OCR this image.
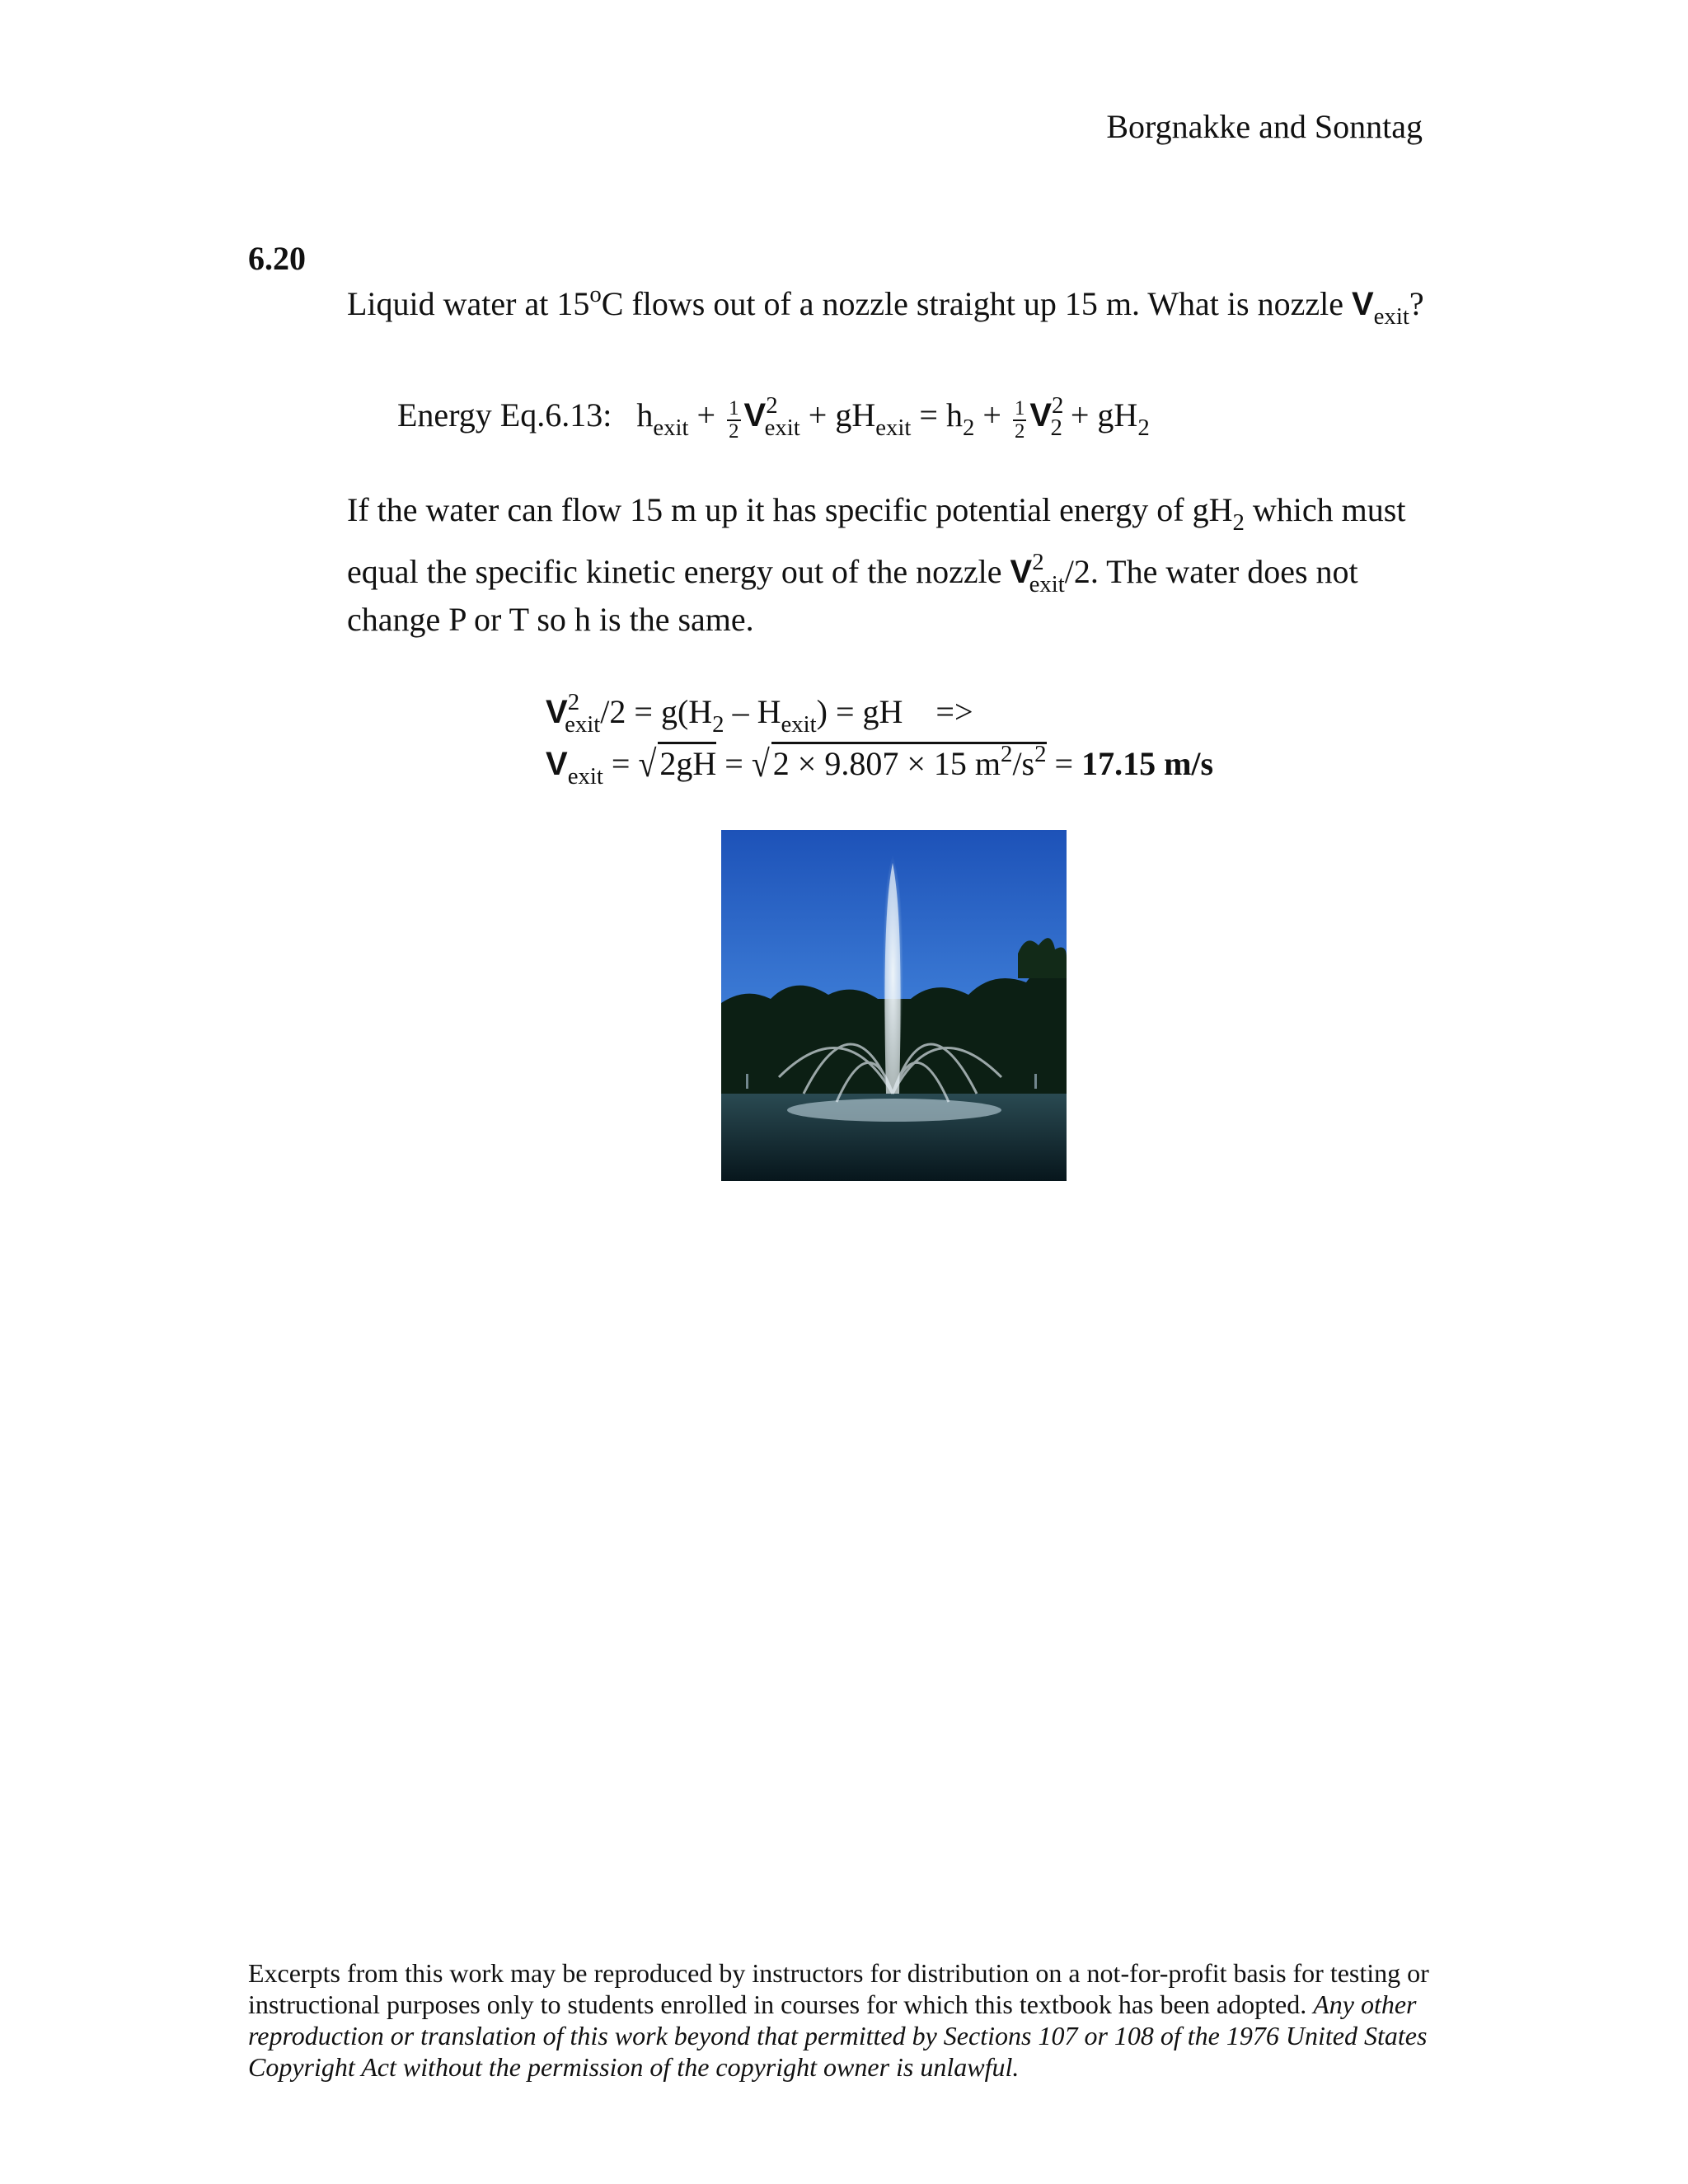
Borgnakke and Sonntag
6.20
Liquid water at 15$^o$C flows out of a nozzle straight up 15 m. What is nozzle $V_{exit}$?
Energy Eq.6.13: $h_{exit} + \frac{1}{2} V^2_{exit} + gH_{exit} = h_2 + \frac{1}{2} V^2_2 + gH_2$

If the water can flow 15 m up it has specific potential energy of $gH_2$ which must

equal the specific kinetic energy out of the nozzle $V^2_{exit}/2$. The water does not

change P or T so h is the same.

$V^2_{exit}/2 = g(H_2 - H_{exit})$ = gH    =>
$V_{exit}$ = √ 2gH = √ 2 × 9.807 × 15 $m^2/s^2 = 17.15$ m/s
Excerpts from this work may be reproduced by instructors for distribution on a not-for-profit basis for testing or instructional purposes only to students enrolled in courses for which this textbook has been adopted. Any other reproduction or translation of this work beyond that permitted by Sections 107 or 108 of the 1976 United States Copyright Act without the permission of the copyright owner is unlawful.
